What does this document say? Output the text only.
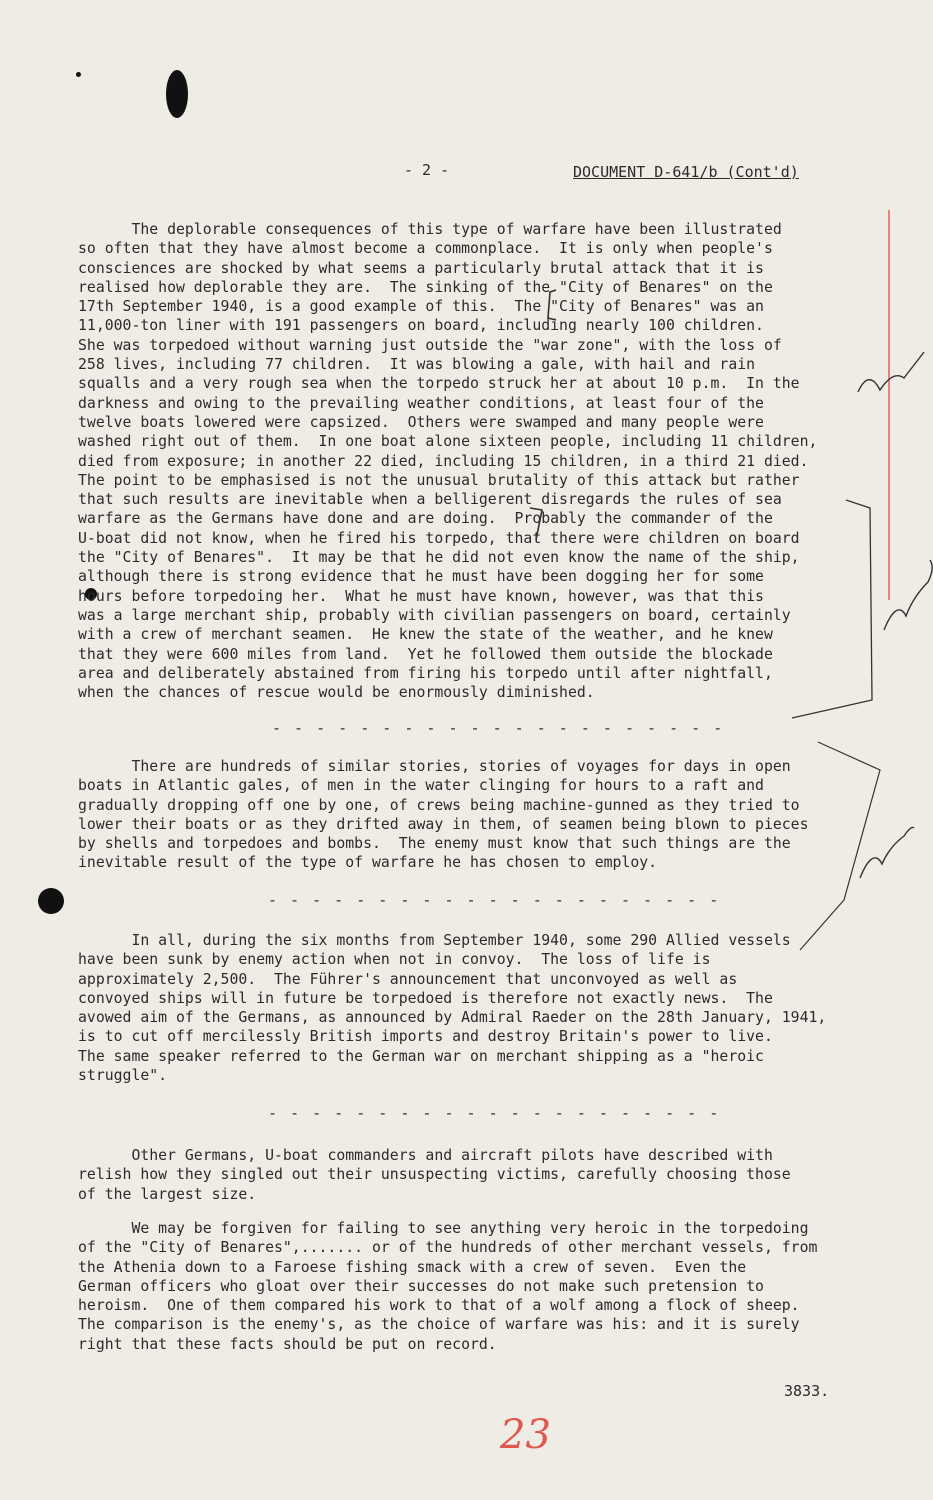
- 2 -	DOCUMENT D-641/b (Cont'd)

The deplorable consequences of this type of warfare have been illustrated
so often that they have almost become a commonplace.  It is only when people's
consciences are shocked by what seems a particularly brutal attack that it is
realised how deplorable they are.  The sinking of the "City of Benares" on the
17th September 1940, is a good example of this.  The "City of Benares" was an
11,000-ton liner with 191 passengers on board, including nearly 100 children.
She was torpedoed without warning just outside the "war zone", with the loss of
258 lives, including 77 children.  It was blowing a gale, with hail and rain
squalls and a very rough sea when the torpedo struck her at about 10 p.m.  In the
darkness and owing to the prevailing weather conditions, at least four of the
twelve boats lowered were capsized.  Others were swamped and many people were
washed right out of them.  In one boat alone sixteen people, including 11 children,
died from exposure; in another 22 died, including 15 children, in a third 21 died.
The point to be emphasised is not the unusual brutality of this attack but rather
that such results are inevitable when a belligerent disregards the rules of sea
warfare as the Germans have done and are doing.  Probably the commander of the
U-boat did not know, when he fired his torpedo, that there were children on board
the "City of Benares".  It may be that he did not even know the name of the ship,
although there is strong evidence that he must have been dogging her for some
hours before torpedoing her.  What he must have known, however, was that this
was a large merchant ship, probably with civilian passengers on board, certainly
with a crew of merchant seamen.  He knew the state of the weather, and he knew
that they were 600 miles from land.  Yet he followed them outside the blockade
area and deliberately abstained from firing his torpedo until after nightfall,
when the chances of rescue would be enormously diminished.

- - - - - - - - - - - - - - - - - - - - -

There are hundreds of similar stories, stories of voyages for days in open
boats in Atlantic gales, of men in the water clinging for hours to a raft and
gradually dropping off one by one, of crews being machine-gunned as they tried to
lower their boats or as they drifted away in them, of seamen being blown to pieces
by shells and torpedoes and bombs.  The enemy must know that such things are the
inevitable result of the type of warfare he has chosen to employ.

- - - - - - - - - - - - - - - - - - - - -

In all, during the six months from September 1940, some 290 Allied vessels
have been sunk by enemy action when not in convoy.  The loss of life is
approximately 2,500.  The Führer's announcement that unconvoyed as well as
convoyed ships will in future be torpedoed is therefore not exactly news.  The
avowed aim of the Germans, as announced by Admiral Raeder on the 28th January, 1941,
is to cut off mercilessly British imports and destroy Britain's power to live.
The same speaker referred to the German war on merchant shipping as a "heroic
struggle".

- - - - - - - - - - - - - - - - - - - - -

Other Germans, U-boat commanders and aircraft pilots have described with
relish how they singled out their unsuspecting victims, carefully choosing those
of the largest size.

We may be forgiven for failing to see anything very heroic in the torpedoing
of the "City of Benares",....... or of the hundreds of other merchant vessels, from
the Athenia down to a Faroese fishing smack with a crew of seven.  Even the
German officers who gloat over their successes do not make such pretension to
heroism.  One of them compared his work to that of a wolf among a flock of sheep.
The comparison is the enemy's, as the choice of warfare was his: and it is surely
right that these facts should be put on record.

3833.
23
